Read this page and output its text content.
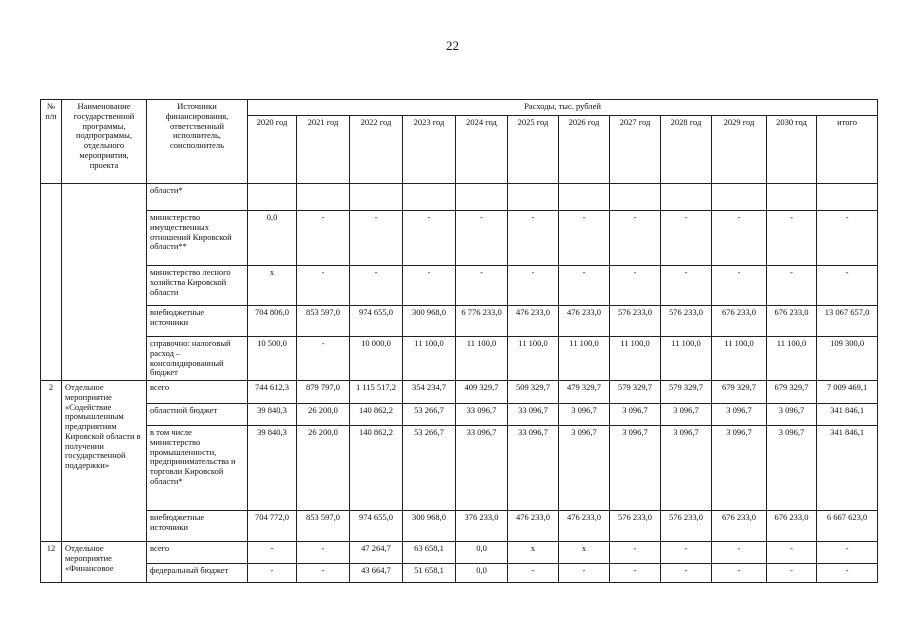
22
№ п/п	Наименование государственной программы, подпрограммы, отдельного мероприятия, проекта	Источники финансирования, ответственный исполнитель, соисполнитель	Расходы, тыс. рублей											
			2020 год	2021 год	2022 год	2023 год	2024 год	2025 год	2026 год	2027 год	2028 год	2029 год	2030 год	итого
		области*												
		министерство имущественных отношений Кировской области**	0,0	-	-	-	-	-	-	-	-	-	-	-
		министерство лесного хозяйства Кировской области	x	-	-	-	-	-	-	-	-	-	-	-
		внебюджетные источники	704 806,0	853 597,0	974 655,0	300 968,0	6 776 233,0	476 233,0	476 233,0	576 233,0	576 233,0	676 233,0	676 233,0	13 067 657,0
		справочно: налоговый расход – консолидированный бюджет	10 500,0	-	10 000,0	11 100,0	11 100,0	11 100,0	11 100,0	11 100,0	11 100,0	11 100,0	11 100,0	109 300,0
2	Отдельное мероприятие «Содействие промышленным предприятиям Кировской области в получении государственной поддержки»	всего	744 612,3	879 797,0	1 115 517,2	354 234,7	409 329,7	509 329,7	479 329,7	579 329,7	579 329,7	679 329,7	679 329,7	7 009 469,1
		областной бюджет	39 840,3	26 200,0	140 862,2	53 266,7	33 096,7	33 096,7	3 096,7	3 096,7	3 096,7	3 096,7	3 096,7	341 846,1
		в том числе министерство промышленности, предпринимательства и торговли Кировской области*	39 840,3	26 200,0	140 862,2	53 266,7	33 096,7	33 096,7	3 096,7	3 096,7	3 096,7	3 096,7	3 096,7	341 846,1
		внебюджетные источники	704 772,0	853 597,0	974 655,0	300 968,0	376 233,0	476 233,0	476 233,0	576 233,0	576 233,0	676 233,0	676 233,0	6 667 623,0
12	Отдельное мероприятие «Финансовое	всего	-	-	47 264,7	63 658,1	0,0	x	x	-	-	-	-	-
		федеральный бюджет	-	-	43 664,7	51 658,1	0,0	-	-	-	-	-	-	-
